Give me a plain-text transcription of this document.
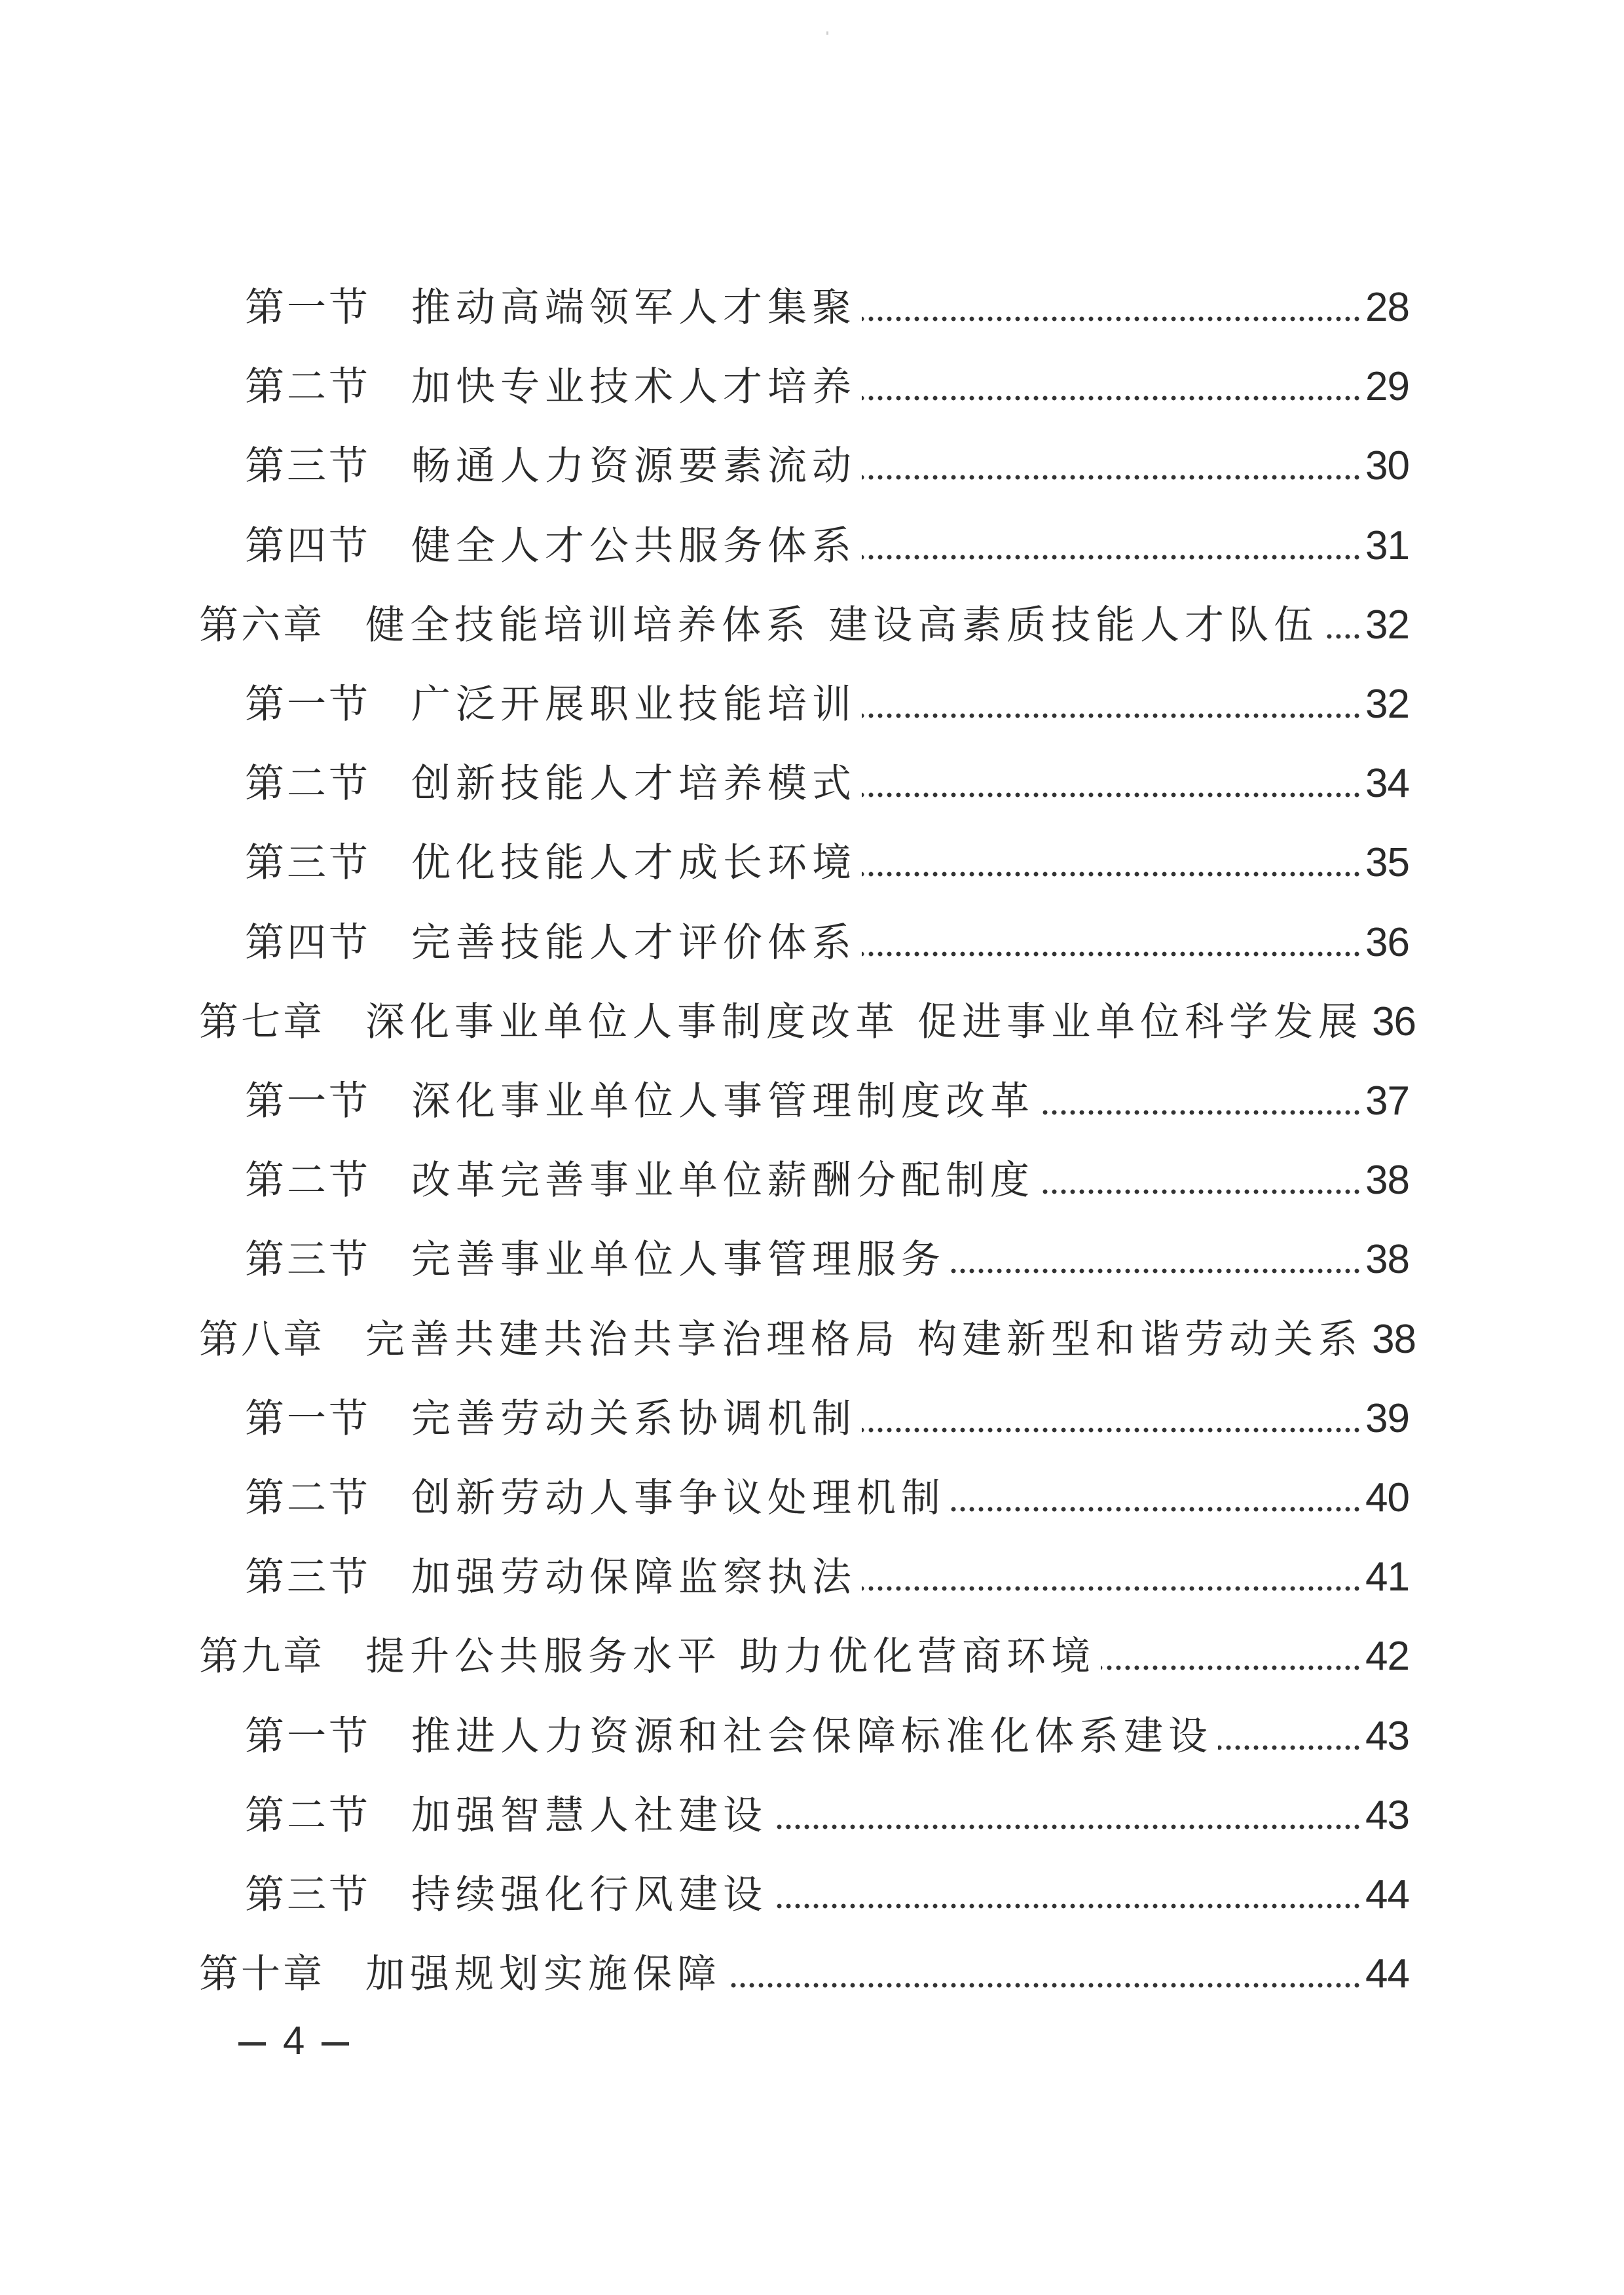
第一节 推动高端领军人才集聚	28
第二节 加快专业技术人才培养	29
第三节 畅通人力资源要素流动	30
第四节 健全人才公共服务体系	31
第六章 健全技能培训培养体系 建设高素质技能人才队伍 32
第一节 广泛开展职业技能培训	32
第二节 创新技能人才培养模式	34
第三节 优化技能人才成长环境	35
第四节 完善技能人才评价体系	36
第七章 深化事业单位人事制度改革 促进事业单位科学发展 36
第一节 深化事业单位人事管理制度改革	37
第二节 改革完善事业单位薪酬分配制度	38
第三节 完善事业单位人事管理服务	38
第八章 完善共建共治共享治理格局 构建新型和谐劳动关系 38
第一节 完善劳动关系协调机制	39
第二节 创新劳动人事争议处理机制	40
第三节 加强劳动保障监察执法	41
第九章 提升公共服务水平 助力优化营商环境	42
第一节 推进人力资源和社会保障标准化体系建设	43
第二节 加强智慧人社建设	43
第三节 持续强化行风建设	44
第十章 加强规划实施保障	44
4
